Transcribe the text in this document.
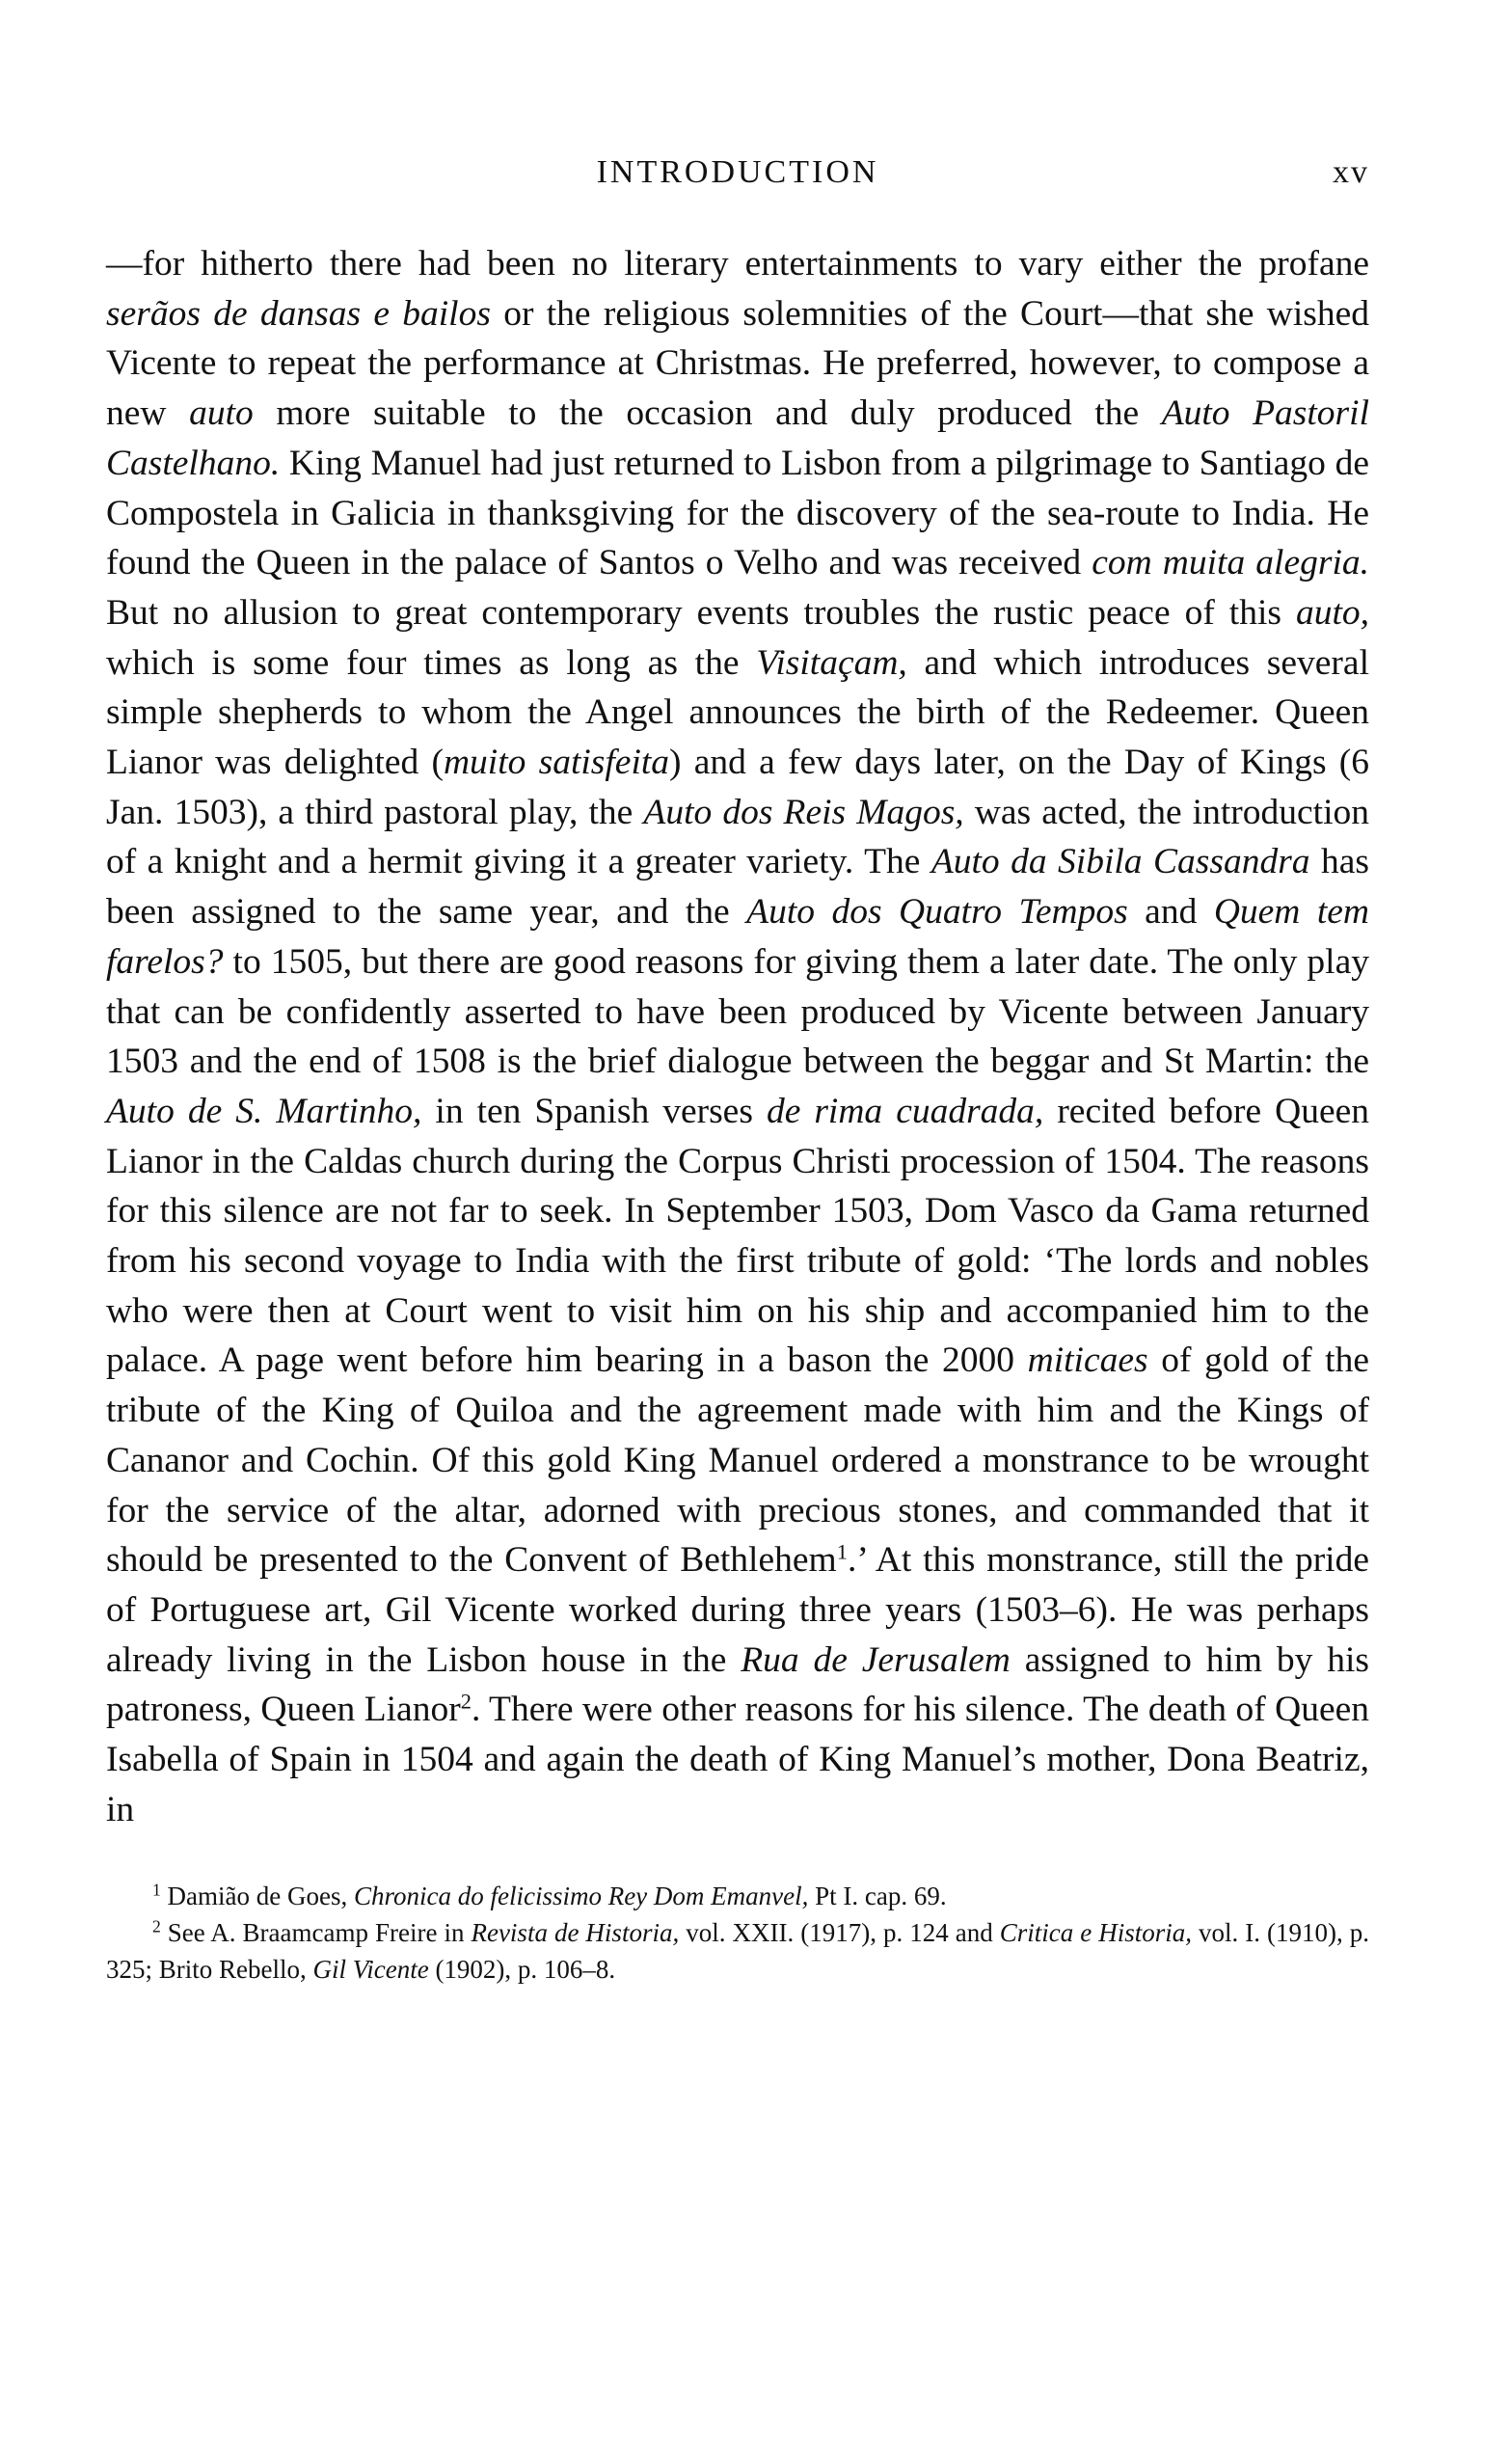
INTRODUCTION	xv

—for hitherto there had been no literary entertainments to vary either the profane serãos de dansas e bailos or the religious solemnities of the Court—that she wished Vicente to repeat the performance at Christmas. He preferred, however, to compose a new auto more suitable to the occasion and duly produced the Auto Pastoril Castelhano. King Manuel had just returned to Lisbon from a pilgrimage to Santiago de Compostela in Galicia in thanksgiving for the discovery of the sea-route to India. He found the Queen in the palace of Santos o Velho and was received com muita alegria. But no allusion to great contemporary events troubles the rustic peace of this auto, which is some four times as long as the Visitaçam, and which introduces several simple shepherds to whom the Angel announces the birth of the Redeemer. Queen Lianor was delighted (muito satisfeita) and a few days later, on the Day of Kings (6 Jan. 1503), a third pastoral play, the Auto dos Reis Magos, was acted, the introduction of a knight and a hermit giving it a greater variety. The Auto da Sibila Cassandra has been assigned to the same year, and the Auto dos Quatro Tempos and Quem tem farelos? to 1505, but there are good reasons for giving them a later date. The only play that can be confidently asserted to have been produced by Vicente between January 1503 and the end of 1508 is the brief dialogue between the beggar and St Martin: the Auto de S. Martinho, in ten Spanish verses de rima cuadrada, recited before Queen Lianor in the Caldas church during the Corpus Christi procession of 1504. The reasons for this silence are not far to seek. In September 1503, Dom Vasco da Gama returned from his second voyage to India with the first tribute of gold: ‘The lords and nobles who were then at Court went to visit him on his ship and accompanied him to the palace. A page went before him bearing in a bason the 2000 miticaes of gold of the tribute of the King of Quiloa and the agreement made with him and the Kings of Cananor and Cochin. Of this gold King Manuel ordered a monstrance to be wrought for the service of the altar, adorned with precious stones, and commanded that it should be presented to the Convent of Bethlehem$^1$.’ At this monstrance, still the pride of Portuguese art, Gil Vicente worked during three years (1503–6). He was perhaps already living in the Lisbon house in the Rua de Jerusalem assigned to him by his patroness, Queen Lianor$^2$. There were other reasons for his silence. The death of Queen Isabella of Spain in 1504 and again the death of King Manuel’s mother, Dona Beatriz, in

$^1$ Damião de Goes, Chronica do felicissimo Rey Dom Emanvel, Pt I. cap. 69.

$^2$ See A. Braamcamp Freire in Revista de Historia, vol. XXII. (1917), p. 124 and Critica e Historia, vol. I. (1910), p. 325; Brito Rebello, Gil Vicente (1902), p. 106–8.
